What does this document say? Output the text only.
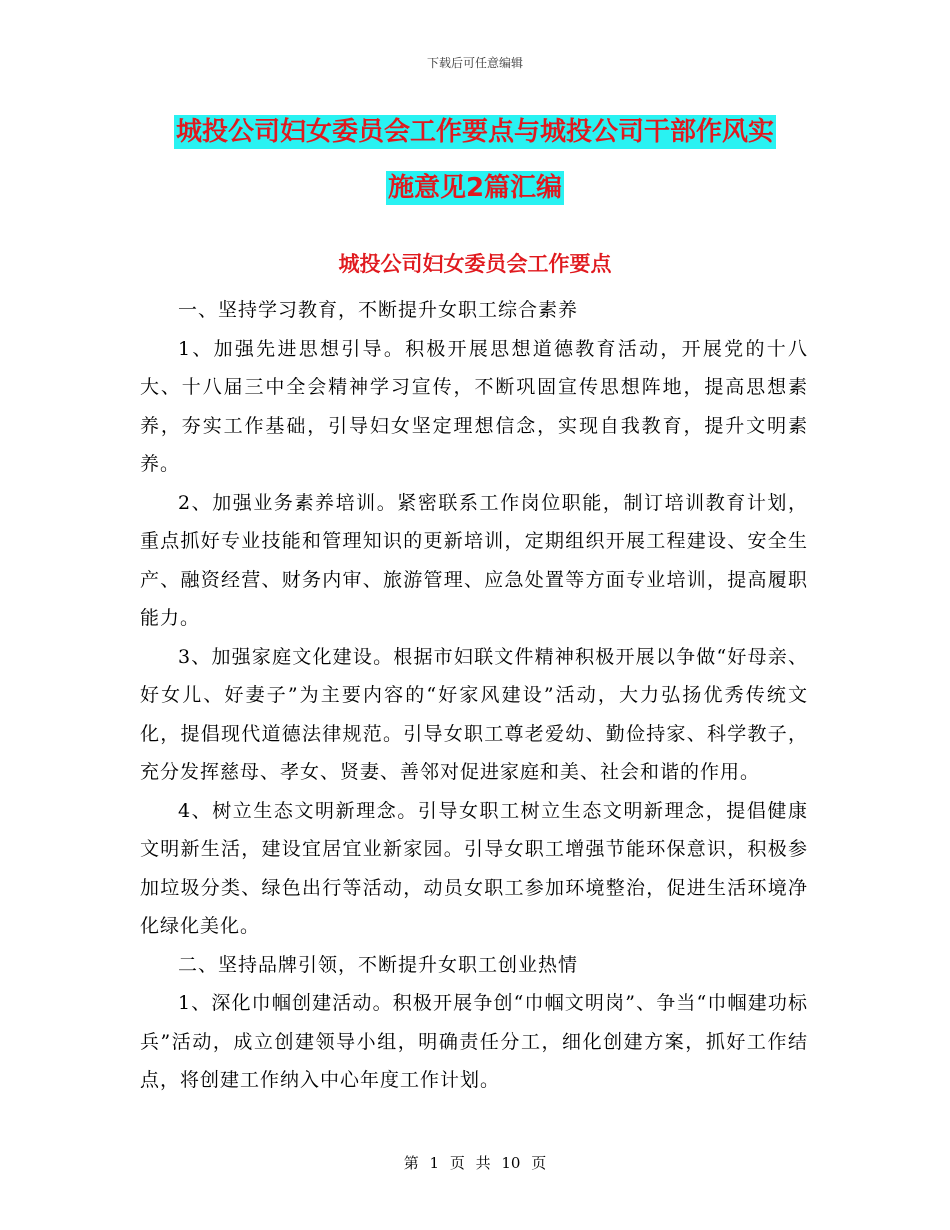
下载后可任意编辑
城投公司妇女委员会工作要点与城投公司干部作风实
施意见2篇汇编
城投公司妇女委员会工作要点

一、坚持学习教育，不断提升女职工综合素养

1、加强先进思想引导。积极开展思想道德教育活动，开展党的十八大、十八届三中全会精神学习宣传，不断巩固宣传思想阵地，提高思想素养，夯实工作基础，引导妇女坚定理想信念，实现自我教育，提升文明素养。

2、加强业务素养培训。紧密联系工作岗位职能，制订培训教育计划，重点抓好专业技能和管理知识的更新培训，定期组织开展工程建设、安全生产、融资经营、财务内审、旅游管理、应急处置等方面专业培训，提高履职能力。

3、加强家庭文化建设。根据市妇联文件精神积极开展以争做“好母亲、好女儿、好妻子”为主要内容的“好家风建设”活动，大力弘扬优秀传统文化，提倡现代道德法律规范。引导女职工尊老爱幼、勤俭持家、科学教子，充分发挥慈母、孝女、贤妻、善邻对促进家庭和美、社会和谐的作用。

4、树立生态文明新理念。引导女职工树立生态文明新理念，提倡健康文明新生活，建设宜居宜业新家园。引导女职工增强节能环保意识，积极参加垃圾分类、绿色出行等活动，动员女职工参加环境整治，促进生活环境净化绿化美化。

二、坚持品牌引领，不断提升女职工创业热情

1、深化巾帼创建活动。积极开展争创“巾帼文明岗”、争当“巾帼建功标兵”活动，成立创建领导小组，明确责任分工，细化创建方案，抓好工作结点，将创建工作纳入中心年度工作计划。

第 1 页 共 10 页
